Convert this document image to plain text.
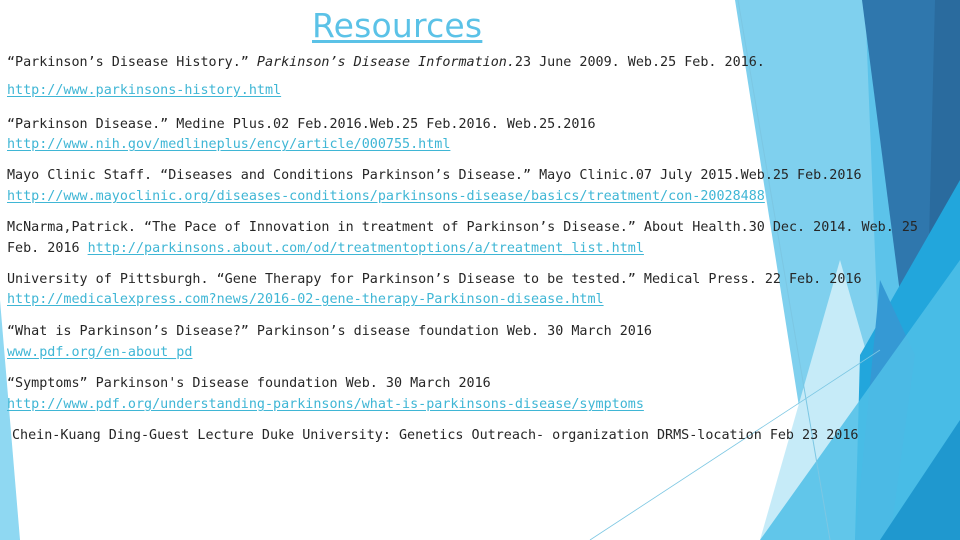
Resources
“Parkinson’s Disease History.” Parkinson’s Disease Information.23 June 2009. Web.25 Feb. 2016.
http://www.parkinsons-history.html
“Parkinson Disease.” Medine Plus.02 Feb.2016.Web.25 Feb.2016. Web.25.2016
http://www.nih.gov/medlineplus/ency/article/000755.html
Mayo Clinic Staff. “Diseases and Conditions Parkinson’s Disease.” Mayo Clinic.07 July 2015.Web.25 Feb.2016
http://www.mayoclinic.org/diseases-conditions/parkinsons-disease/basics/treatment/con-20028488
McNarma,Patrick. “The Pace of Innovation in treatment of Parkinson’s Disease.” About Health.30 Dec. 2014. Web. 25
Feb. 2016 http://parkinsons.about.com/od/treatmentoptions/a/treatment_list.html
University of Pittsburgh. “Gene Therapy for Parkinson’s Disease to be tested.” Medical Press. 22 Feb. 2016
http://medicalexpress.com?news/2016-02-gene-therapy-Parkinson-disease.html
“What is Parkinson’s Disease?” Parkinson’s disease foundation Web. 30 March 2016
www.pdf.org/en-about_pd
“Symptoms” Parkinson's Disease foundation Web. 30 March 2016
http://www.pdf.org/understanding-parkinsons/what-is-parkinsons-disease/symptoms
Chein-Kuang Ding-Guest Lecture Duke University: Genetics Outreach- organization DRMS-location Feb 23 2016
